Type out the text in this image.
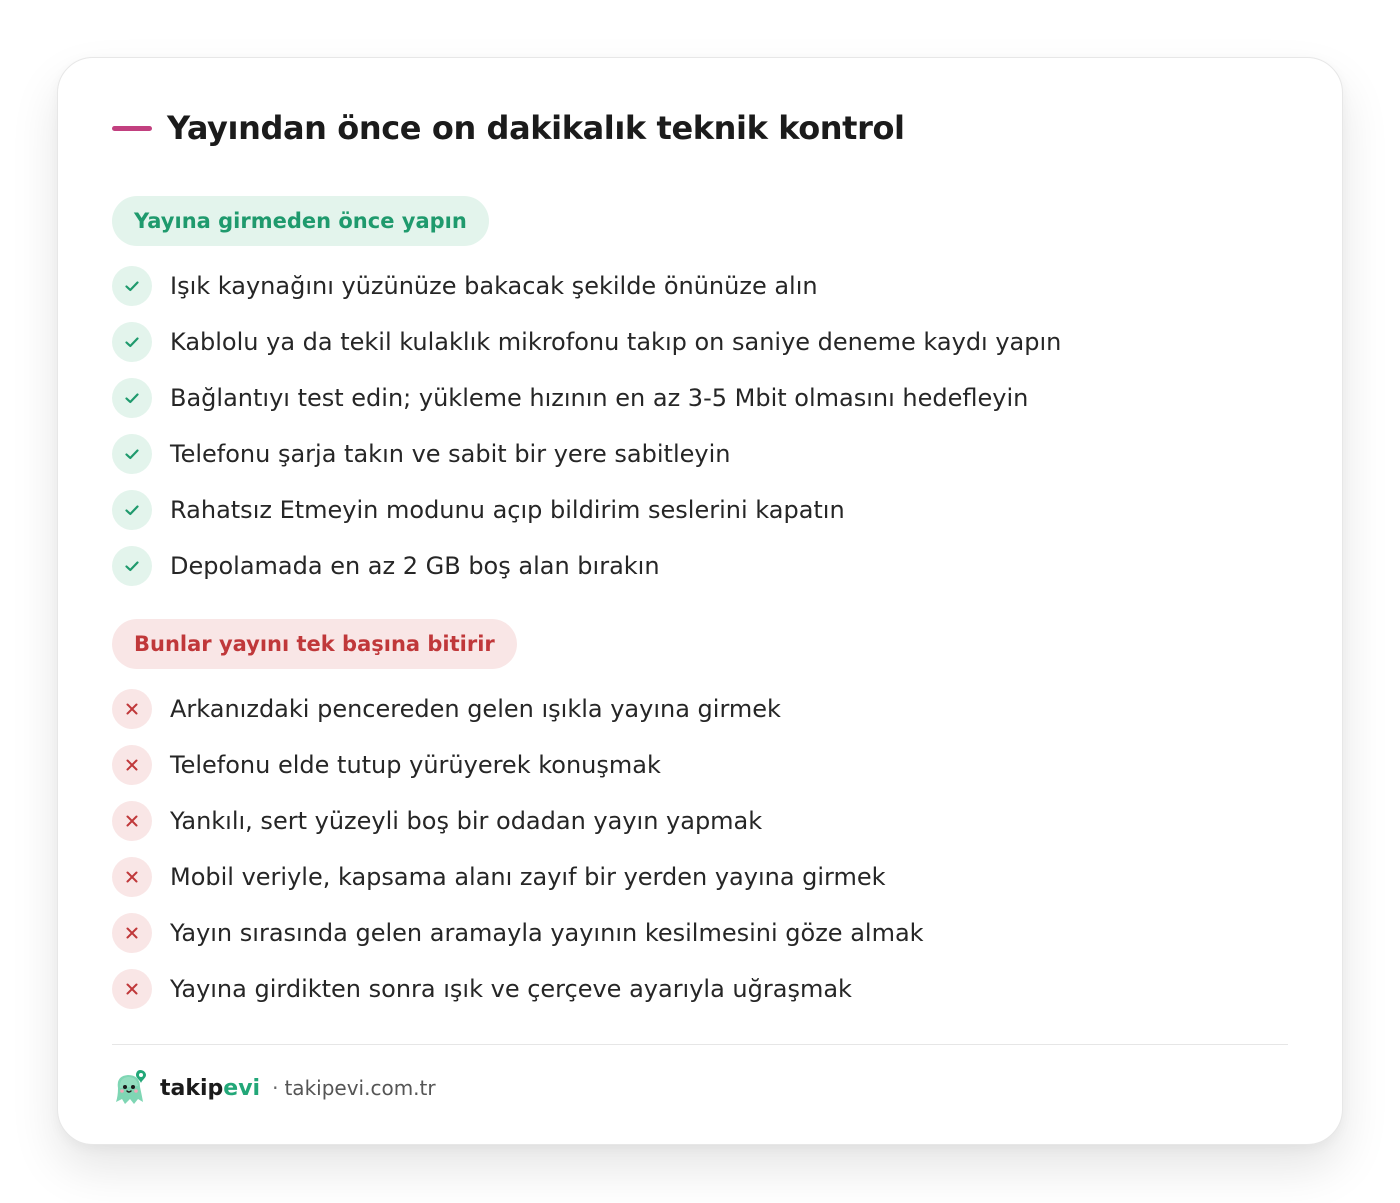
Yayından önce on dakikalık teknik kontrol
Yayına girmeden önce yapın
Işık kaynağını yüzünüze bakacak şekilde önünüze alın
Kablolu ya da tekil kulaklık mikrofonu takıp on saniye deneme kaydı yapın
Bağlantıyı test edin; yükleme hızının en az 3-5 Mbit olmasını hedefleyin
Telefonu şarja takın ve sabit bir yere sabitleyin
Rahatsız Etmeyin modunu açıp bildirim seslerini kapatın
Depolamada en az 2 GB boş alan bırakın
Bunlar yayını tek başına bitirir
Arkanızdaki pencereden gelen ışıkla yayına girmek
Telefonu elde tutup yürüyerek konuşmak
Yankılı, sert yüzeyli boş bir odadan yayın yapmak
Mobil veriyle, kapsama alanı zayıf bir yerden yayına girmek
Yayın sırasında gelen aramayla yayının kesilmesini göze almak
Yayına girdikten sonra ışık ve çerçeve ayarıyla uğraşmak
takipevi · takipevi.com.tr
